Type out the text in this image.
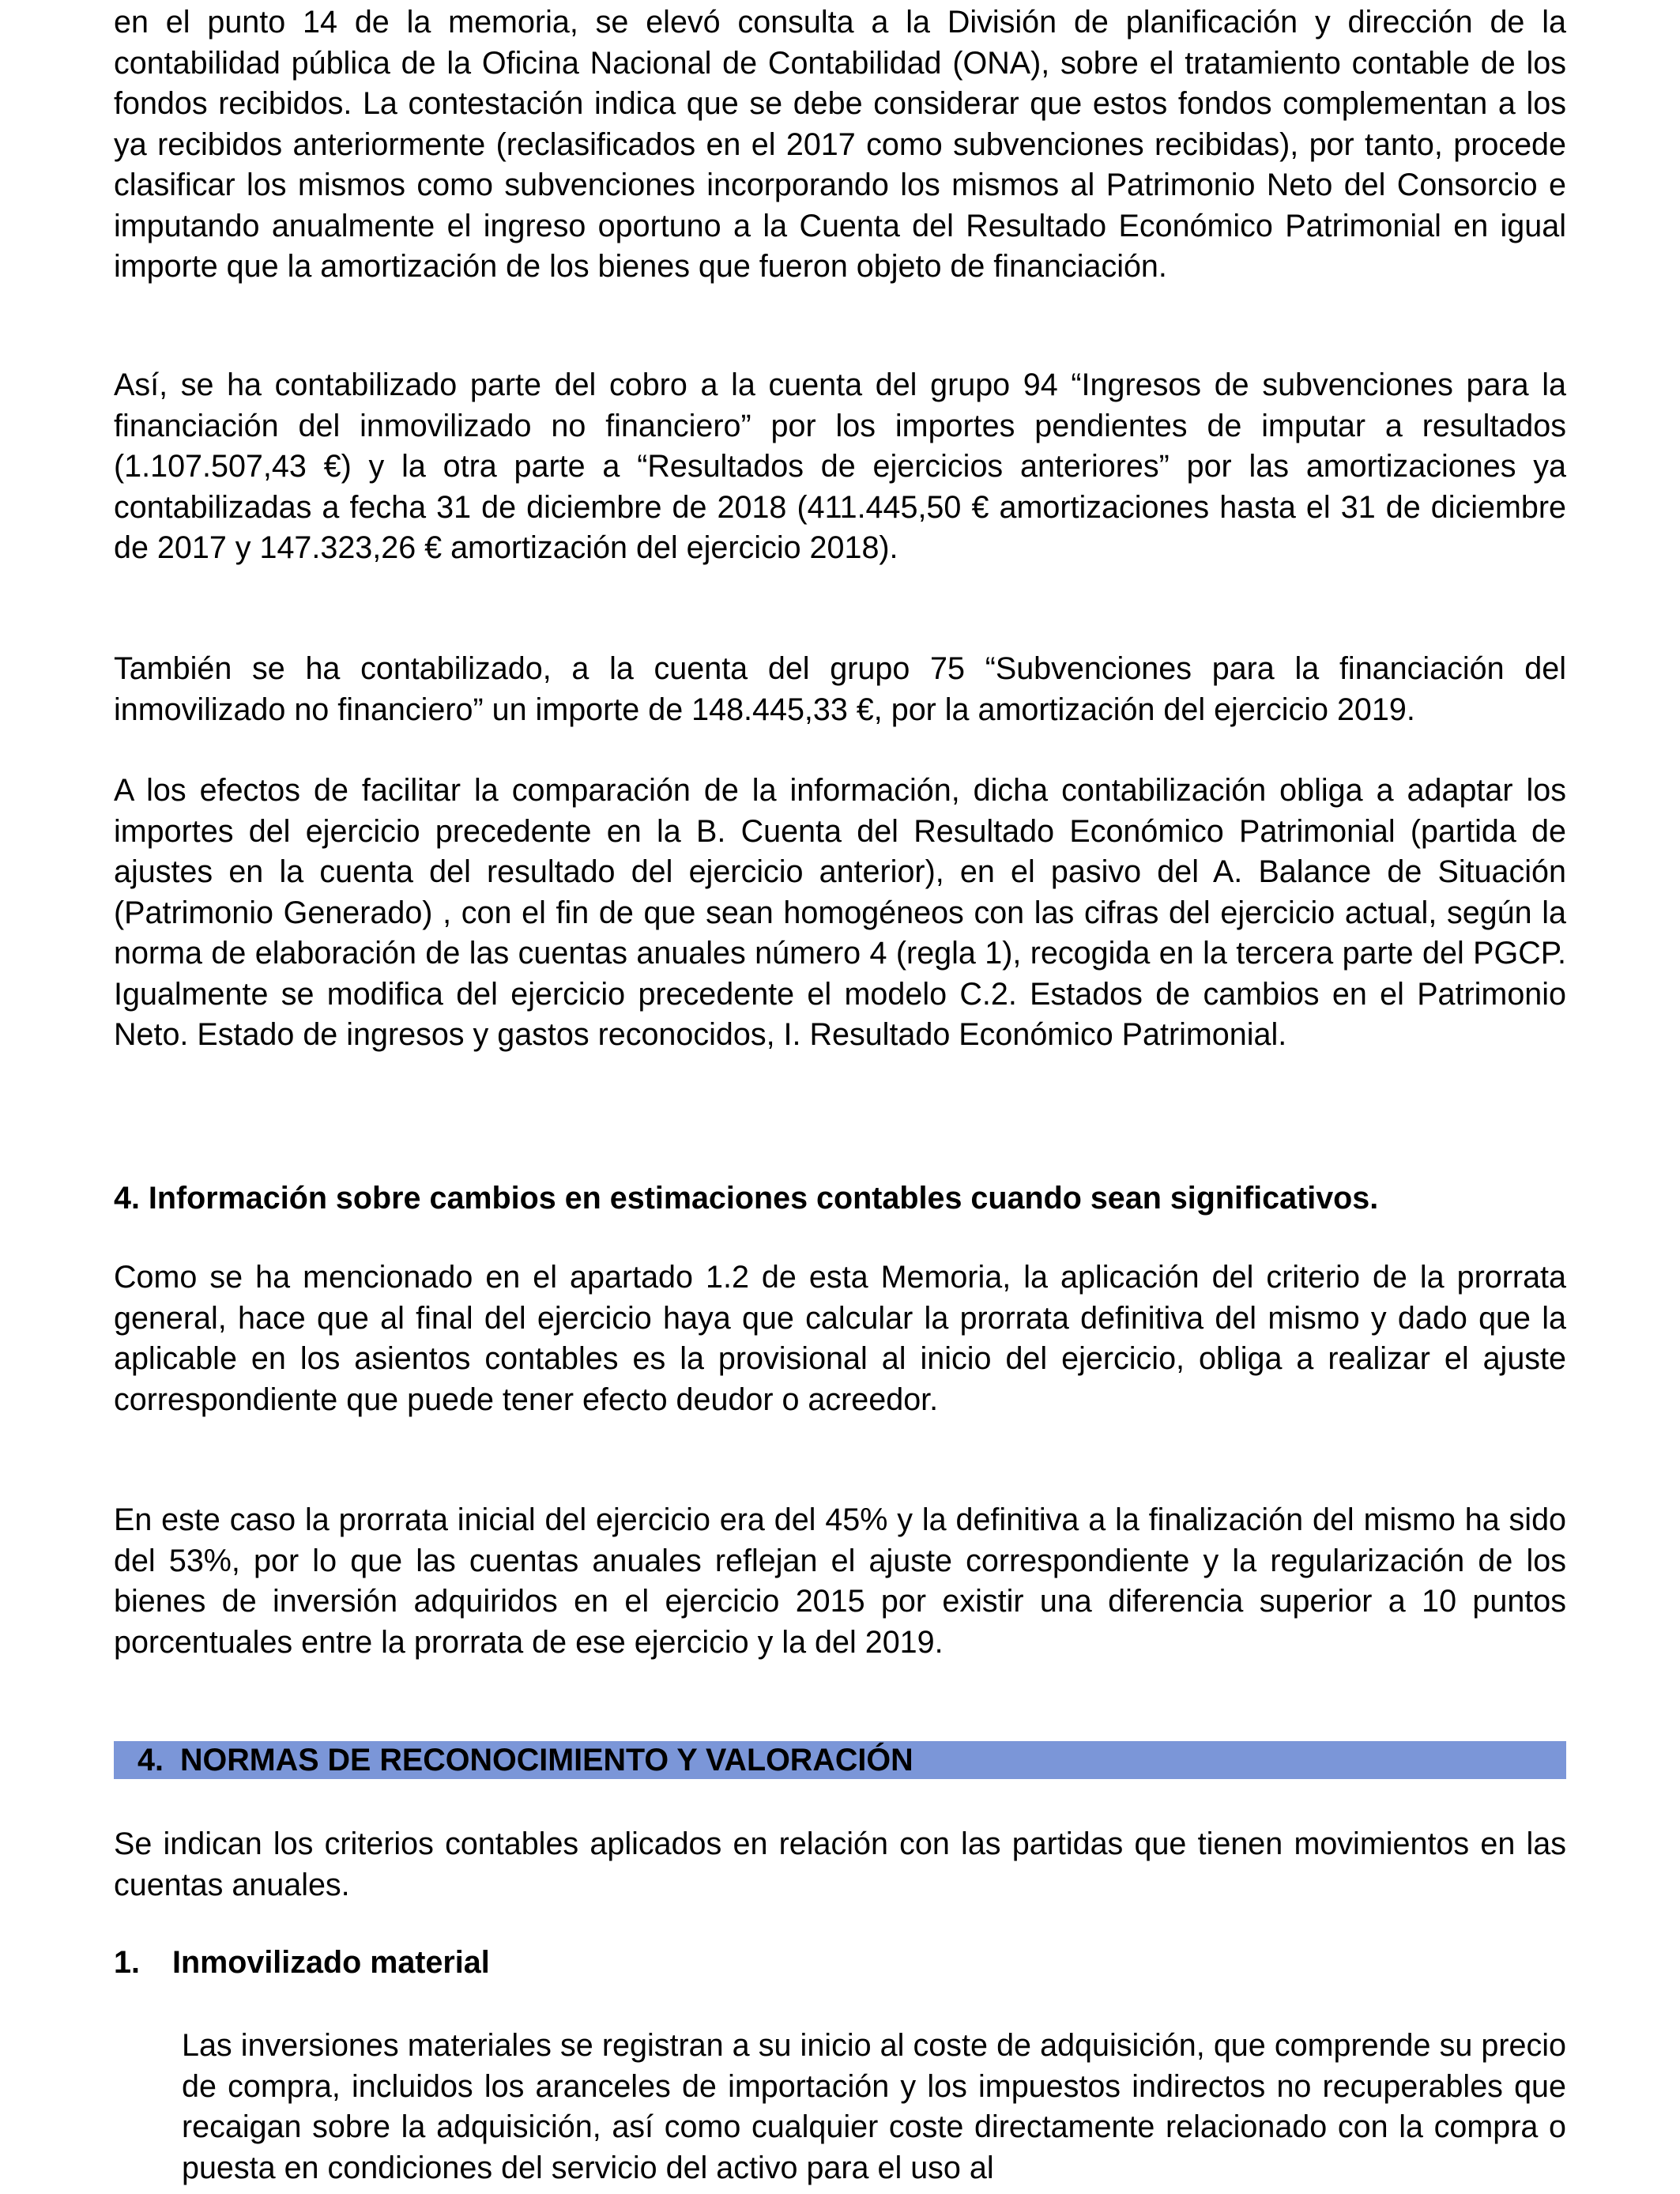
en el punto 14 de la memoria, se elevó consulta a la División de planificación y dirección de la contabilidad pública de la Oficina Nacional de Contabilidad (ONA), sobre el tratamiento contable de los fondos recibidos. La contestación indica que se debe considerar que estos fondos complementan a los ya recibidos anteriormente (reclasificados en el 2017 como subvenciones recibidas), por tanto, procede clasificar los mismos como subvenciones incorporando los mismos al Patrimonio Neto del Consorcio e imputando anualmente el ingreso oportuno a la Cuenta del Resultado Económico Patrimonial en igual importe que la amortización de los bienes que fueron objeto de financiación.

Así, se ha contabilizado parte del cobro a la cuenta del grupo 94 “Ingresos de subvenciones para la financiación del inmovilizado no financiero” por los importes pendientes de imputar a resultados (1.107.507,43 €) y la otra parte a “Resultados de ejercicios anteriores” por las amortizaciones ya contabilizadas a fecha 31 de diciembre de 2018 (411.445,50 € amortizaciones hasta el 31 de diciembre de 2017 y 147.323,26 € amortización del ejercicio 2018).

También se ha contabilizado, a la cuenta del grupo 75 “Subvenciones para la financiación del inmovilizado no financiero” un importe de 148.445,33 €, por la amortización del ejercicio 2019.

A los efectos de facilitar la comparación de la información, dicha contabilización obliga a adaptar los importes del ejercicio precedente en la B. Cuenta del Resultado Económico Patrimonial (partida de ajustes en la cuenta del resultado del ejercicio anterior), en el pasivo del A. Balance de Situación (Patrimonio Generado) , con el fin de que sean homogéneos con las cifras del ejercicio actual, según la norma de elaboración de las cuentas anuales número 4 (regla 1), recogida en la tercera parte del PGCP. Igualmente se modifica del ejercicio precedente el modelo C.2. Estados de cambios en el Patrimonio Neto. Estado de ingresos y gastos reconocidos, I. Resultado Económico Patrimonial.

4. Información sobre cambios en estimaciones contables cuando sean significativos.

Como se ha mencionado en el apartado 1.2 de esta Memoria, la aplicación del criterio de la prorrata general, hace que al final del ejercicio haya que calcular la prorrata definitiva del mismo y dado que la aplicable en los asientos contables es la provisional al inicio del ejercicio, obliga a realizar el ajuste correspondiente que puede tener efecto deudor o acreedor.

En este caso la prorrata inicial del ejercicio era del 45% y la definitiva a la finalización del mismo ha sido del 53%, por lo que las cuentas anuales reflejan el ajuste correspondiente y la regularización de los bienes de inversión adquiridos en el ejercicio 2015 por existir una diferencia superior a 10 puntos porcentuales entre la prorrata de ese ejercicio y la del 2019.

4. NORMAS DE RECONOCIMIENTO Y VALORACIÓN

Se indican los criterios contables aplicados en relación con las partidas que tienen movimientos en las cuentas anuales.

1.	Inmovilizado material

Las inversiones materiales se registran a su inicio al coste de adquisición, que comprende su precio de compra, incluidos los aranceles de importación y los impuestos indirectos no recuperables que recaigan sobre la adquisición, así como cualquier coste directamente relacionado con la compra o puesta en condiciones del servicio del activo para el uso al
